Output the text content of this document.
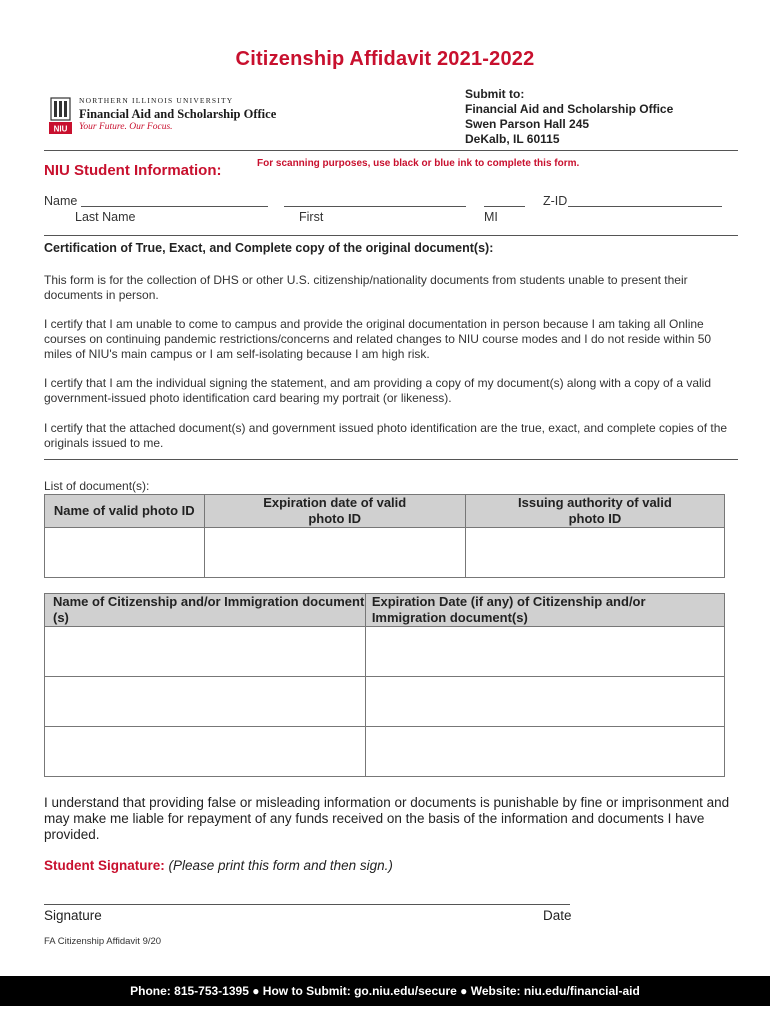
Citizenship Affidavit 2021-2022
NIU
NORTHERN ILLINOIS UNIVERSITY
Financial Aid and Scholarship Office
Your Future. Our Focus.
Submit to:
Financial Aid and Scholarship Office
Swen Parson Hall 245
DeKalb, IL 60115
NIU Student Information:	For scanning purposes, use black or blue ink to complete this form.
Name	Z-ID
Last Name	First	MI
Certification of True, Exact, and Complete copy of the original document(s):
This form is for the collection of DHS or other U.S. citizenship/nationality documents from students unable to present their documents in person.
I certify that I am unable to come to campus and provide the original documentation in person because I am taking all Online courses on continuing pandemic restrictions/concerns and related changes to NIU course modes and I do not reside within 50 miles of NIU's main campus or I am self-isolating because I am high risk.
I certify that I am the individual signing the statement, and am providing a copy of my document(s) along with a copy of a valid government-issued photo identification card bearing my portrait (or likeness).
I certify that the attached document(s) and government issued photo identification are the true, exact, and complete copies of the originals issued to me.
List of document(s):
Name of valid photo ID	Expiration date of valid photo ID	Issuing authority of valid photo ID

Name of Citizenship and/or Immigration document (s)	Expiration Date (if any) of Citizenship and/or Immigration document(s)

I understand that providing false or misleading information or documents is punishable by fine or imprisonment and may make me liable for repayment of any funds received on the basis of the information and documents I have provided.
Student Signature: (Please print this form and then sign.)
Signature	Date
FA Citizenship Affidavit 9/20
Phone: 815-753-1395 ● How to Submit: go.niu.edu/secure ● Website: niu.edu/financial-aid
